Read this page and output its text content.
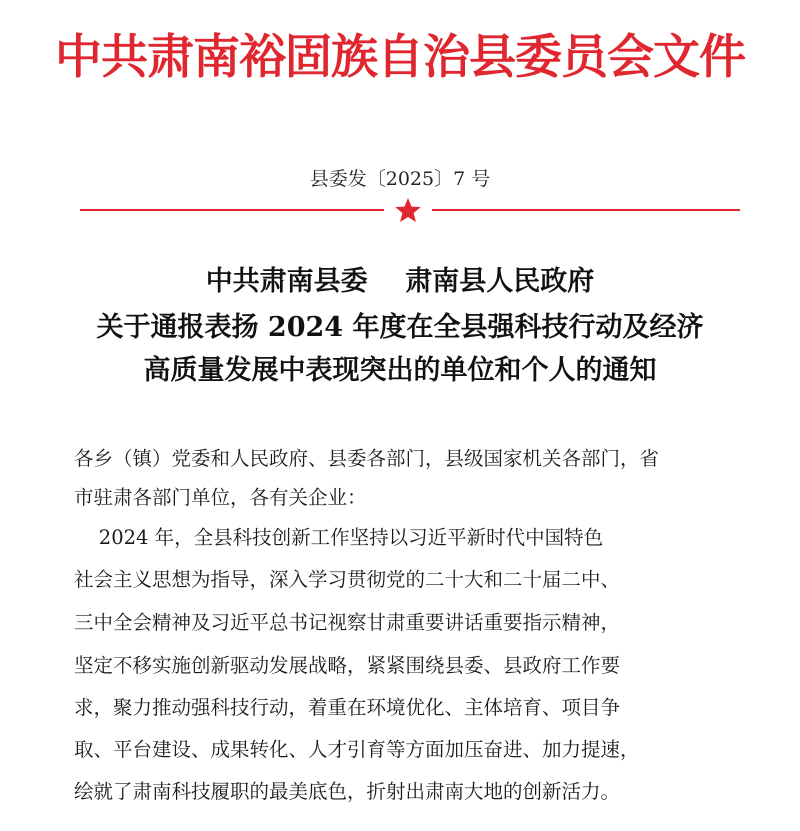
中共肃南裕固族自治县委员会文件
县委发〔2025〕7 号
中共肃南县委    肃南县人民政府
关于通报表扬 2024 年度在全县强科技行动及经济
高质量发展中表现突出的单位和个人的通知
各乡（镇）党委和人民政府、县委各部门，县级国家机关各部门，省
市驻肃各部门单位，各有关企业：
2024 年，全县科技创新工作坚持以习近平新时代中国特色
社会主义思想为指导，深入学习贯彻党的二十大和二十届二中、
三中全会精神及习近平总书记视察甘肃重要讲话重要指示精神，
坚定不移实施创新驱动发展战略，紧紧围绕县委、县政府工作要
求，聚力推动强科技行动，着重在环境优化、主体培育、项目争
取、平台建设、成果转化、人才引育等方面加压奋进、加力提速，
绘就了肃南科技履职的最美底色，折射出肃南大地的创新活力。
